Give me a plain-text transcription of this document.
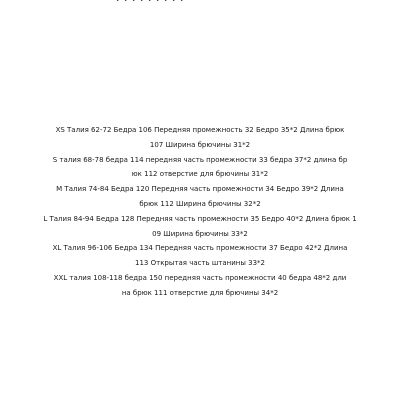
· · · · · · · · ·

XS Талия 62-72 Бедра 106 Передняя промежность 32 Бедро 35*2 Длина брюк

107 Ширина брючины 31*2

S талия 68-78 бедра 114 передняя часть промежности 33 бедра 37*2 длина бр

юк 112 отверстие для брючины 31*2

M Талия 74-84 Бедра 120 Передняя часть промежности 34 Бедро 39*2 Длина

брюк 112 Ширина брючины 32*2

L Талия 84-94 Бедра 128 Передняя часть промежности 35 Бедро 40*2 Длина брюк 1

09 Ширина брючины 33*2

XL Талия 96-106 Бедра 134 Передняя часть промежности 37 Бедро 42*2 Длина

113 Открытая часть штанины 33*2

XXL талия 108-118 бедра 150 передняя часть промежности 40 бедра 48*2 дли

на брюк 111 отверстие для брючины 34*2
